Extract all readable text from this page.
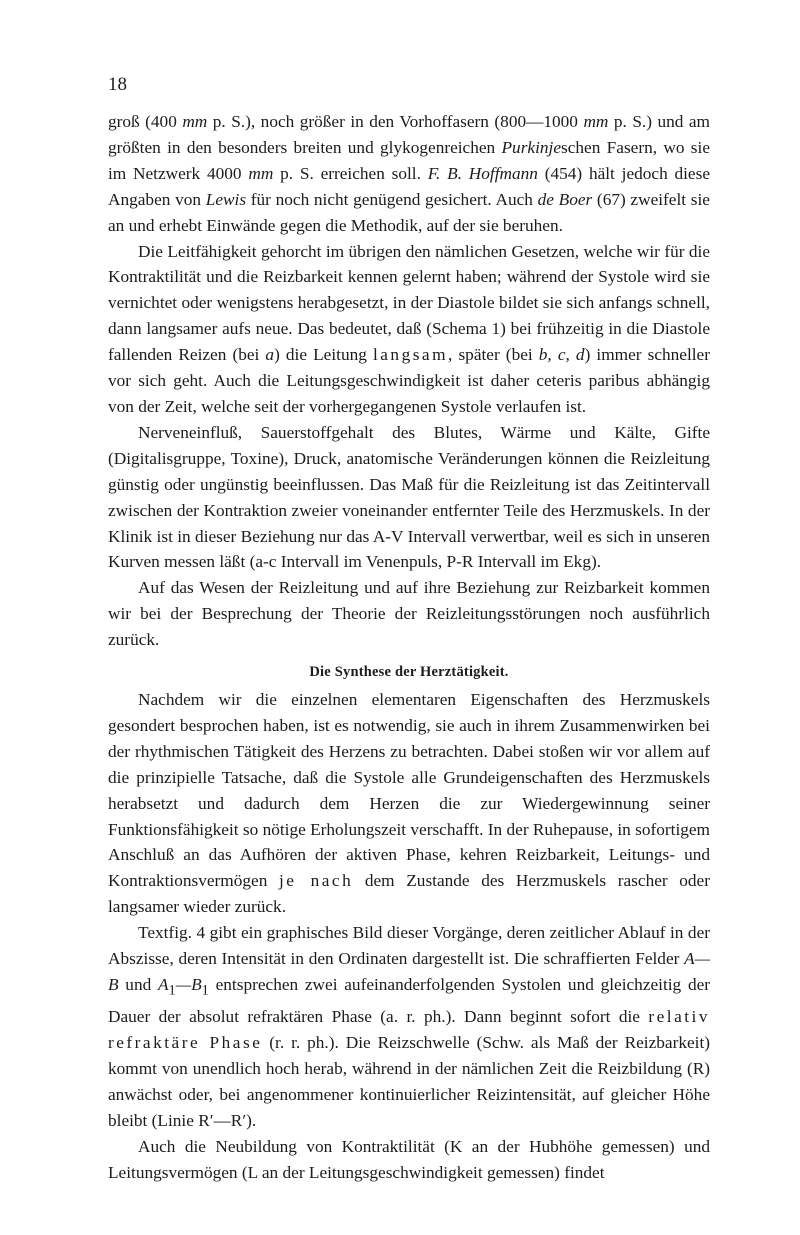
18

groß (400 mm p. S.), noch größer in den Vorhoffasern (800—1000 mm p. S.) und am größten in den besonders breiten und glykogenreichen Purkinjeschen Fasern, wo sie im Netzwerk 4000 mm p. S. erreichen soll. F. B. Hoffmann (454) hält jedoch diese Angaben von Lewis für noch nicht genügend gesichert. Auch de Boer (67) zweifelt sie an und erhebt Einwände gegen die Methodik, auf der sie beruhen.

Die Leitfähigkeit gehorcht im übrigen den nämlichen Gesetzen, welche wir für die Kontraktilität und die Reizbarkeit kennen gelernt haben; während der Systole wird sie vernichtet oder wenigstens herabgesetzt, in der Diastole bildet sie sich anfangs schnell, dann langsamer aufs neue. Das bedeutet, daß (Schema 1) bei frühzeitig in die Diastole fallenden Reizen (bei a) die Leitung langsam, später (bei b, c, d) immer schneller vor sich geht. Auch die Leitungsgeschwindigkeit ist daher ceteris paribus abhängig von der Zeit, welche seit der vorhergegangenen Systole verlaufen ist.

Nerveneinfluß, Sauerstoffgehalt des Blutes, Wärme und Kälte, Gifte (Digitalisgruppe, Toxine), Druck, anatomische Veränderungen können die Reizleitung günstig oder ungünstig beeinflussen. Das Maß für die Reizleitung ist das Zeitintervall zwischen der Kontraktion zweier voneinander entfernter Teile des Herzmuskels. In der Klinik ist in dieser Beziehung nur das A-V Intervall verwertbar, weil es sich in unseren Kurven messen läßt (a-c Intervall im Venenpuls, P-R Intervall im Ekg).

Auf das Wesen der Reizleitung und auf ihre Beziehung zur Reizbarkeit kommen wir bei der Besprechung der Theorie der Reizleitungsstörungen noch ausführlich zurück.

Die Synthese der Herztätigkeit.

Nachdem wir die einzelnen elementaren Eigenschaften des Herzmuskels gesondert besprochen haben, ist es notwendig, sie auch in ihrem Zusammenwirken bei der rhythmischen Tätigkeit des Herzens zu betrachten. Dabei stoßen wir vor allem auf die prinzipielle Tatsache, daß die Systole alle Grundeigenschaften des Herzmuskels herabsetzt und dadurch dem Herzen die zur Wiedergewinnung seiner Funktionsfähigkeit so nötige Erholungszeit verschafft. In der Ruhepause, in sofortigem Anschluß an das Aufhören der aktiven Phase, kehren Reizbarkeit, Leitungs- und Kontraktionsvermögen je nach dem Zustande des Herzmuskels rascher oder langsamer wieder zurück.

Textfig. 4 gibt ein graphisches Bild dieser Vorgänge, deren zeitlicher Ablauf in der Abszisse, deren Intensität in den Ordinaten dargestellt ist. Die schraffierten Felder A—B und $A_1—B_1$ entsprechen zwei aufeinanderfolgenden Systolen und gleichzeitig der Dauer der absolut refraktären Phase (a. r. ph.). Dann beginnt sofort die relativ refraktäre Phase (r. r. ph.). Die Reizschwelle (Schw. als Maß der Reizbarkeit) kommt von unendlich hoch herab, während in der nämlichen Zeit die Reizbildung (R) anwächst oder, bei angenommener kontinuierlicher Reizintensität, auf gleicher Höhe bleibt (Linie R′—R′).

Auch die Neubildung von Kontraktilität (K an der Hubhöhe gemessen) und Leitungsvermögen (L an der Leitungsgeschwindigkeit gemessen) findet
